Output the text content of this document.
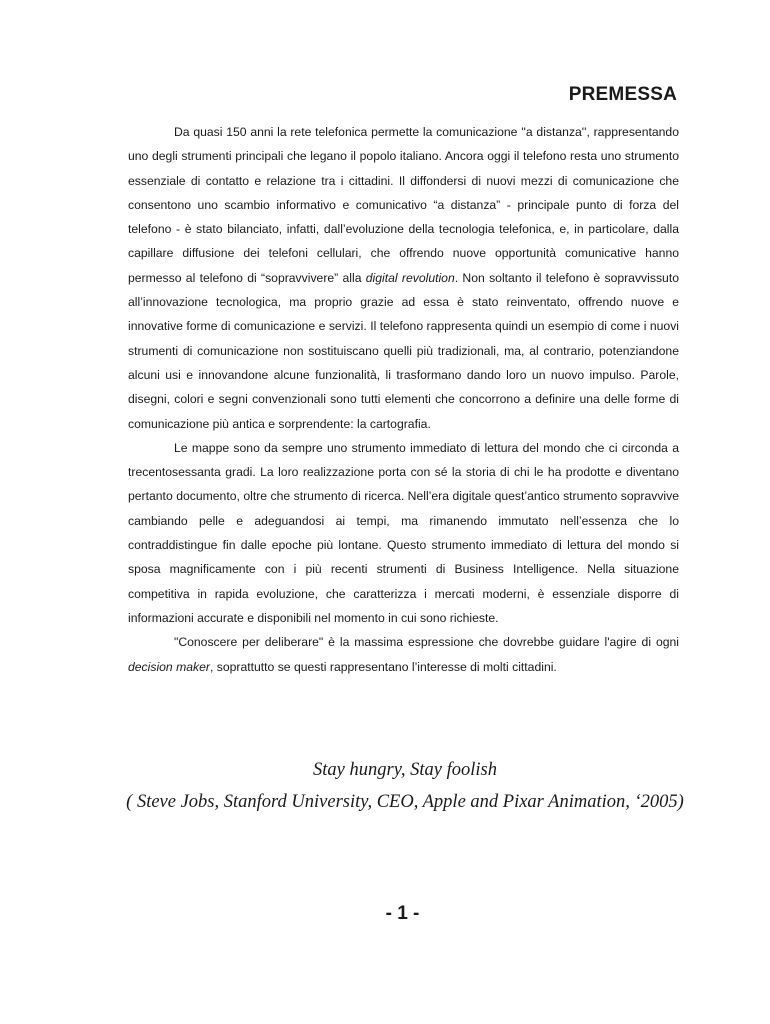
PREMESSA

Da quasi 150 anni la rete telefonica permette la comunicazione ''a distanza'', rappresentando uno degli strumenti principali che legano il popolo italiano. Ancora oggi il telefono resta uno strumento essenziale di contatto e relazione tra i cittadini. Il diffondersi di nuovi mezzi di comunicazione che consentono uno scambio informativo e comunicativo “a distanza” - principale punto di forza del telefono - è stato bilanciato, infatti, dall’evoluzione della tecnologia telefonica, e, in particolare, dalla capillare diffusione dei telefoni cellulari, che offrendo nuove opportunità comunicative hanno permesso al telefono di “sopravvivere” alla digital revolution. Non soltanto il telefono è sopravvissuto all’innovazione tecnologica, ma proprio grazie ad essa è stato reinventato, offrendo nuove e innovative forme di comunicazione e servizi. Il telefono rappresenta quindi un esempio di come i nuovi strumenti di comunicazione non sostituiscano quelli più tradizionali, ma, al contrario, potenziandone alcuni usi e innovandone alcune funzionalità, li trasformano dando loro un nuovo impulso. Parole, disegni, colori e segni convenzionali sono tutti elementi che concorrono a definire una delle forme di comunicazione più antica e sorprendente: la cartografia.

Le mappe sono da sempre uno strumento immediato di lettura del mondo che ci circonda a trecentosessanta gradi. La loro realizzazione porta con sé la storia di chi le ha prodotte e diventano pertanto documento, oltre che strumento di ricerca. Nell’era digitale quest’antico strumento sopravvive cambiando pelle e adeguandosi ai tempi, ma rimanendo immutato nell’essenza che lo contraddistingue fin dalle epoche più lontane. Questo strumento immediato di lettura del mondo si sposa magnificamente con i più recenti strumenti di Business Intelligence. Nella situazione competitiva in rapida evoluzione, che caratterizza i mercati moderni, è essenziale disporre di informazioni accurate e disponibili nel momento in cui sono richieste.

"Conoscere per deliberare" è la massima espressione che dovrebbe guidare l'agire di ogni decision maker, soprattutto se questi rappresentano l’interesse di molti cittadini.

Stay hungry, Stay foolish

( Steve Jobs, Stanford University, CEO, Apple and Pixar Animation, ‘2005)

- 1 -
